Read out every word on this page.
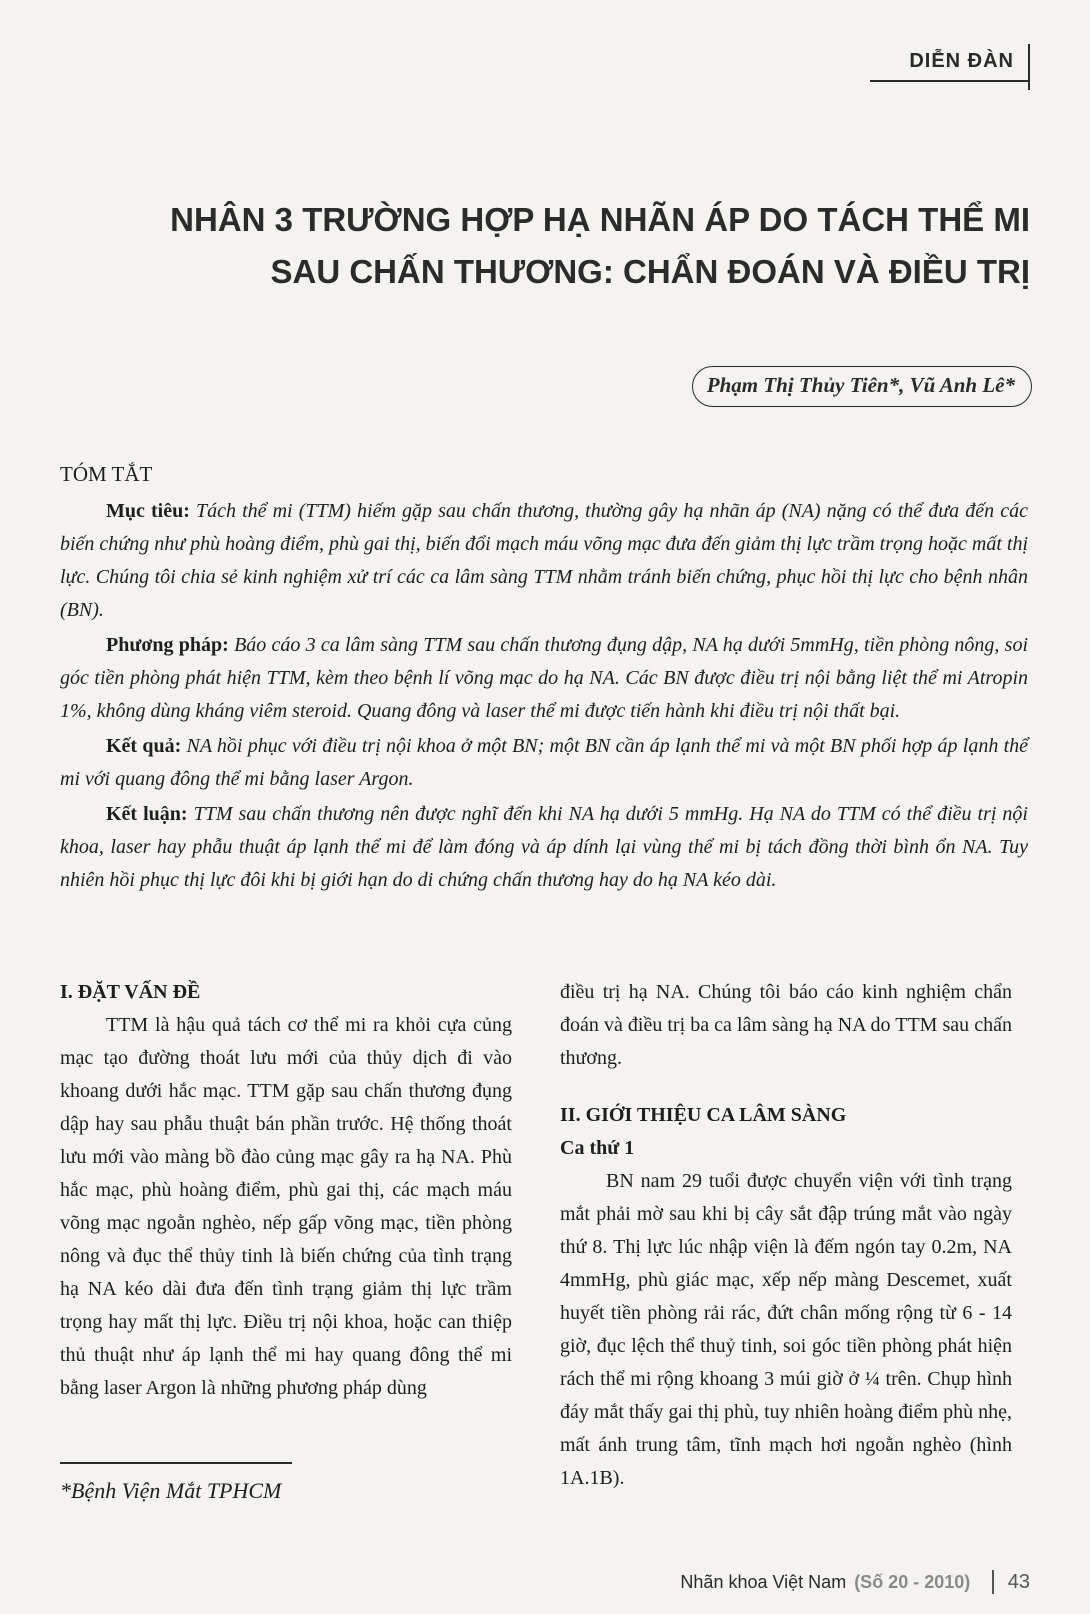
DIỄN ĐÀN
NHÂN 3 TRƯỜNG HỢP HẠ NHÃN ÁP DO TÁCH THỂ MI
SAU CHẤN THƯƠNG: CHẨN ĐOÁN VÀ ĐIỀU TRỊ
Phạm Thị Thủy Tiên*, Vũ Anh Lê*
TÓM TẮT

Mục tiêu: Tách thể mi (TTM) hiếm gặp sau chấn thương, thường gây hạ nhãn áp (NA) nặng có thể đưa đến các biến chứng như phù hoàng điểm, phù gai thị, biến đổi mạch máu võng mạc đưa đến giảm thị lực trầm trọng hoặc mất thị lực. Chúng tôi chia sẻ kinh nghiệm xử trí các ca lâm sàng TTM nhằm tránh biến chứng, phục hồi thị lực cho bệnh nhân (BN).

Phương pháp: Báo cáo 3 ca lâm sàng TTM sau chấn thương đụng dập, NA hạ dưới 5mmHg, tiền phòng nông, soi góc tiền phòng phát hiện TTM, kèm theo bệnh lí võng mạc do hạ NA. Các BN được điều trị nội bằng liệt thể mi Atropin 1%, không dùng kháng viêm steroid. Quang đông và laser thể mi được tiến hành khi điều trị nội thất bại.

Kết quả: NA hồi phục với điều trị nội khoa ở một BN; một BN cần áp lạnh thể mi và một BN phối hợp áp lạnh thể mi với quang đông thể mi bằng laser Argon.

Kết luận: TTM sau chấn thương nên được nghĩ đến khi NA hạ dưới 5 mmHg. Hạ NA do TTM có thể điều trị nội khoa, laser hay phẫu thuật áp lạnh thể mi để làm đóng và áp dính lại vùng thể mi bị tách đồng thời bình ổn NA. Tuy nhiên hồi phục thị lực đôi khi bị giới hạn do di chứng chấn thương hay do hạ NA kéo dài.

I. ĐẶT VẤN ĐỀ

TTM là hậu quả tách cơ thể mi ra khỏi cựa củng mạc tạo đường thoát lưu mới của thủy dịch đi vào khoang dưới hắc mạc. TTM gặp sau chấn thương đụng dập hay sau phẫu thuật bán phần trước. Hệ thống thoát lưu mới vào màng bồ đào củng mạc gây ra hạ NA. Phù hắc mạc, phù hoàng điểm, phù gai thị, các mạch máu võng mạc ngoằn nghèo, nếp gấp võng mạc, tiền phòng nông và đục thể thủy tinh là biến chứng của tình trạng hạ NA kéo dài đưa đến tình trạng giảm thị lực trầm trọng hay mất thị lực. Điều trị nội khoa, hoặc can thiệp thủ thuật như áp lạnh thể mi hay quang đông thể mi bằng laser Argon là những phương pháp dùng

điều trị hạ NA. Chúng tôi báo cáo kinh nghiệm chẩn đoán và điều trị ba ca lâm sàng hạ NA do TTM sau chấn thương.

II. GIỚI THIỆU CA LÂM SÀNG
Ca thứ 1

BN nam 29 tuổi được chuyển viện với tình trạng mắt phải mờ sau khi bị cây sắt đập trúng mắt vào ngày thứ 8. Thị lực lúc nhập viện là đếm ngón tay 0.2m, NA 4mmHg, phù giác mạc, xếp nếp màng Descemet, xuất huyết tiền phòng rải rác, đứt chân mống rộng từ 6 - 14 giờ, đục lệch thể thuỷ tinh, soi góc tiền phòng phát hiện rách thể mi rộng khoang 3 múi giờ ở ¼ trên. Chụp hình đáy mắt thấy gai thị phù, tuy nhiên hoàng điểm phù nhẹ, mất ánh trung tâm, tĩnh mạch hơi ngoằn nghèo (hình 1A.1B).

*Bệnh Viện Mắt TPHCM
Nhãn khoa Việt Nam (Số 20 - 2010) 43
